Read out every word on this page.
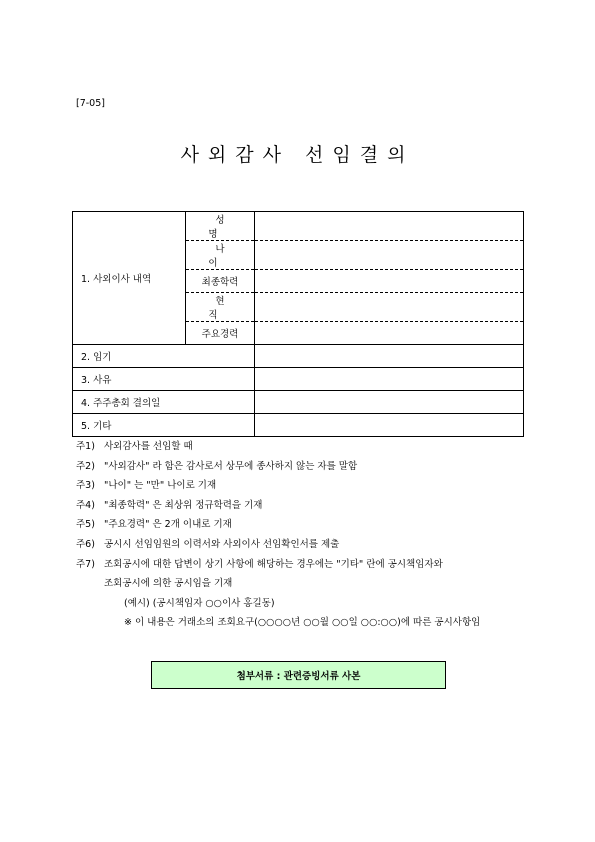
[7-05]
사외감사 선임결의
1. 사외이사 내역	성 명	
	나 이	
	최종학력	
	현 직	
	주요경력	
2. 임기		
3. 사유		
4. 주주총회 결의일		
5. 기타		
주1) 사외감사를 선임할 때
주2) "사외감사" 라 함은 감사로서 상무에 종사하지 않는 자를 말함
주3) "나이" 는 "만" 나이로 기재
주4) "최종학력" 은 최상위 정규학력을 기재
주5) "주요경력" 은 2개 이내로 기재
주6) 공시시 선임임원의 이력서와 사외이사 선임확인서를 제출
주7) 조회공시에 대한 답변이 상기 사항에 해당하는 경우에는 "기타" 란에 공시책임자와
조회공시에 의한 공시임을 기재
(예시) (공시책임자 ○○이사 홍길동)
※ 이 내용은 거래소의 조회요구(○○○○년 ○○월 ○○일 ○○:○○)에 따른 공시사항임
첨부서류 : 관련증빙서류 사본
